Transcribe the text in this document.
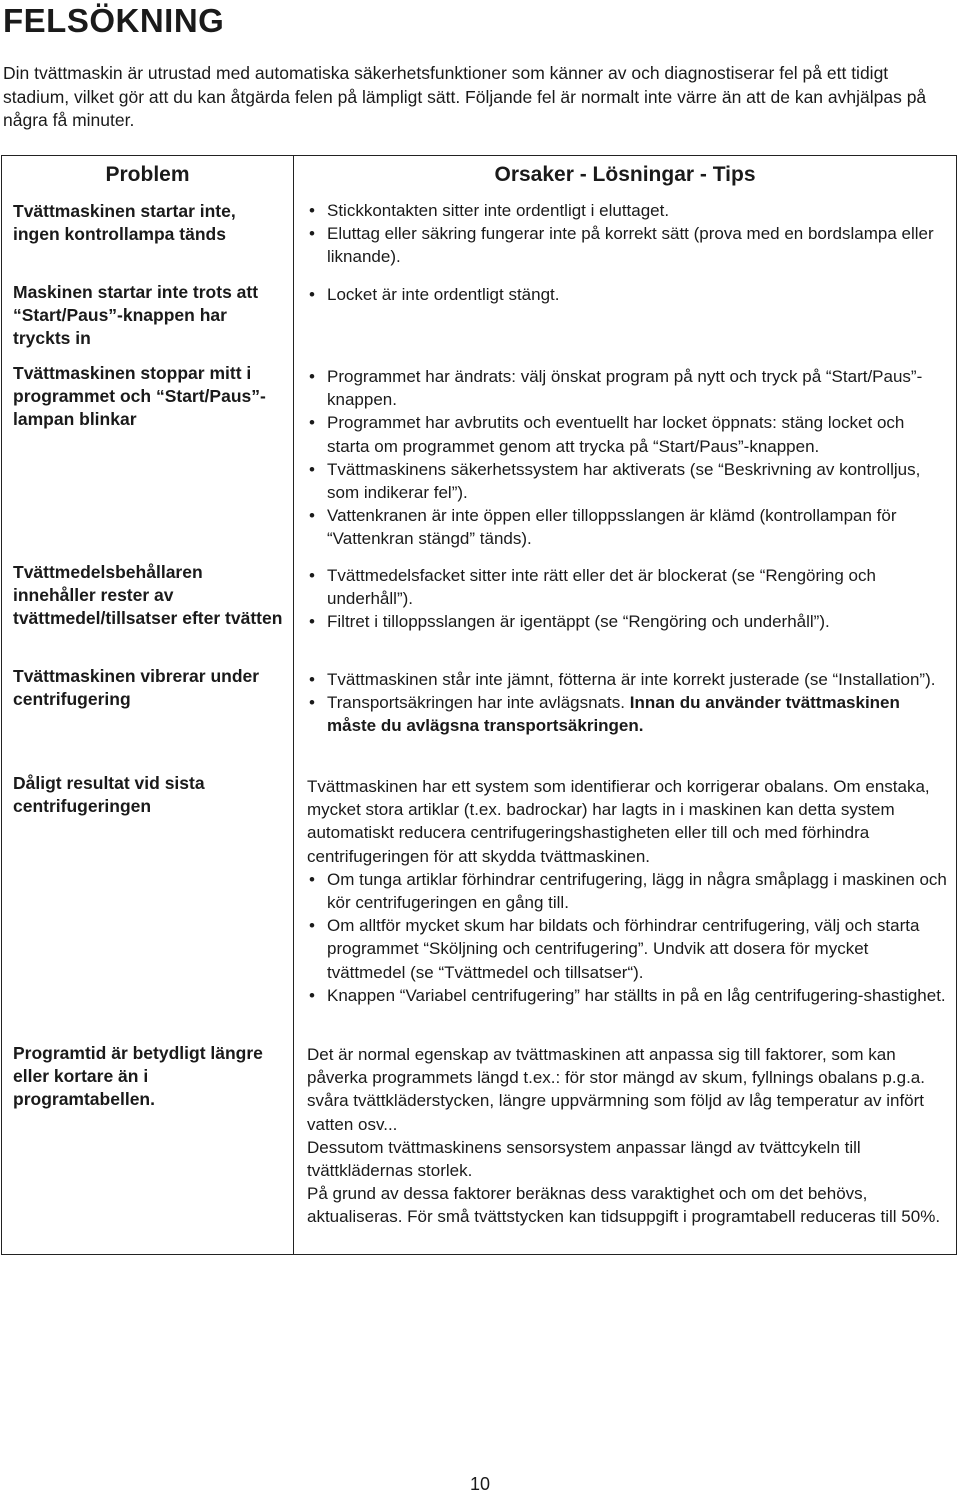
FELSÖKNING

Din tvättmaskin är utrustad med automatiska säkerhetsfunktioner som känner av och diagnostiserar fel på ett tidigt stadium, vilket gör att du kan åtgärda felen på lämpligt sätt. Följande fel är normalt inte värre än att de kan avhjälpas på några få minuter.

Problem
Tvättmaskinen startar inte, ingen kontrollampa tänds
Maskinen startar inte trots att “Start/Paus”-knappen har tryckts in
Tvättmaskinen stoppar mitt i programmet och “Start/Paus”-lampan blinkar
Tvättmedelsbehållaren innehåller rester av tvättmedel/tillsatser efter tvätten
Tvättmaskinen vibrerar under centrifugering
Dåligt resultat vid sista centrifugeringen
Programtid är betydligt längre eller kortare än i programtabellen.
Orsaker - Lösningar - Tips
• Stickkontakten sitter inte ordentligt i eluttaget.
• Eluttag eller säkring fungerar inte på korrekt sätt (prova med en bordslampa eller liknande).
• Locket är inte ordentligt stängt.
• Programmet har ändrats: välj önskat program på nytt och tryck på “Start/Paus”-knappen.
• Programmet har avbrutits och eventuellt har locket öppnats: stäng locket och starta om programmet genom att trycka på “Start/Paus”-knappen.
• Tvättmaskinens säkerhetssystem har aktiverats (se “Beskrivning av kontrolljus, som indikerar fel”).
• Vattenkranen är inte öppen eller tilloppsslangen är klämd (kontrollampan för “Vattenkran stängd” tänds).
• Tvättmedelsfacket sitter inte rätt eller det är blockerat (se “Rengöring och underhåll”).
• Filtret i tilloppsslangen är igentäppt (se “Rengöring och underhåll”).
• Tvättmaskinen står inte jämnt, fötterna är inte korrekt justerade (se “Installation”).
• Transportsäkringen har inte avlägsnats. Innan du använder tvättmaskinen måste du avlägsna transportsäkringen.

Tvättmaskinen har ett system som identifierar och korrigerar obalans. Om enstaka, mycket stora artiklar (t.ex. badrockar) har lagts in i maskinen kan detta system automatiskt reducera centrifugeringshastigheten eller till och med förhindra centrifugeringen för att skydda tvättmaskinen.

• Om tunga artiklar förhindrar centrifugering, lägg in några småplagg i maskinen och kör centrifugeringen en gång till.
• Om alltför mycket skum har bildats och förhindrar centrifugering, välj och starta programmet “Sköljning och centrifugering”. Undvik att dosera för mycket tvättmedel (se “Tvättmedel och tillsatser“).
• Knappen “Variabel centrifugering” har ställts in på en låg centrifugering-shastighet.

Det är normal egenskap av tvättmaskinen att anpassa sig till faktorer, som kan påverka programmets längd t.ex.: för stor mängd av skum, fyllnings obalans p.g.a. svåra tvättkläderstycken, längre uppvärmning som följd av låg temperatur av infört vatten osv...

Dessutom tvättmaskinens sensorsystem anpassar längd av tvättcykeln till tvättklädernas storlek.

På grund av dessa faktorer beräknas dess varaktighet och om det behövs, aktualiseras. För små tvättstycken kan tidsuppgift i programtabell reduceras till 50%.

10
